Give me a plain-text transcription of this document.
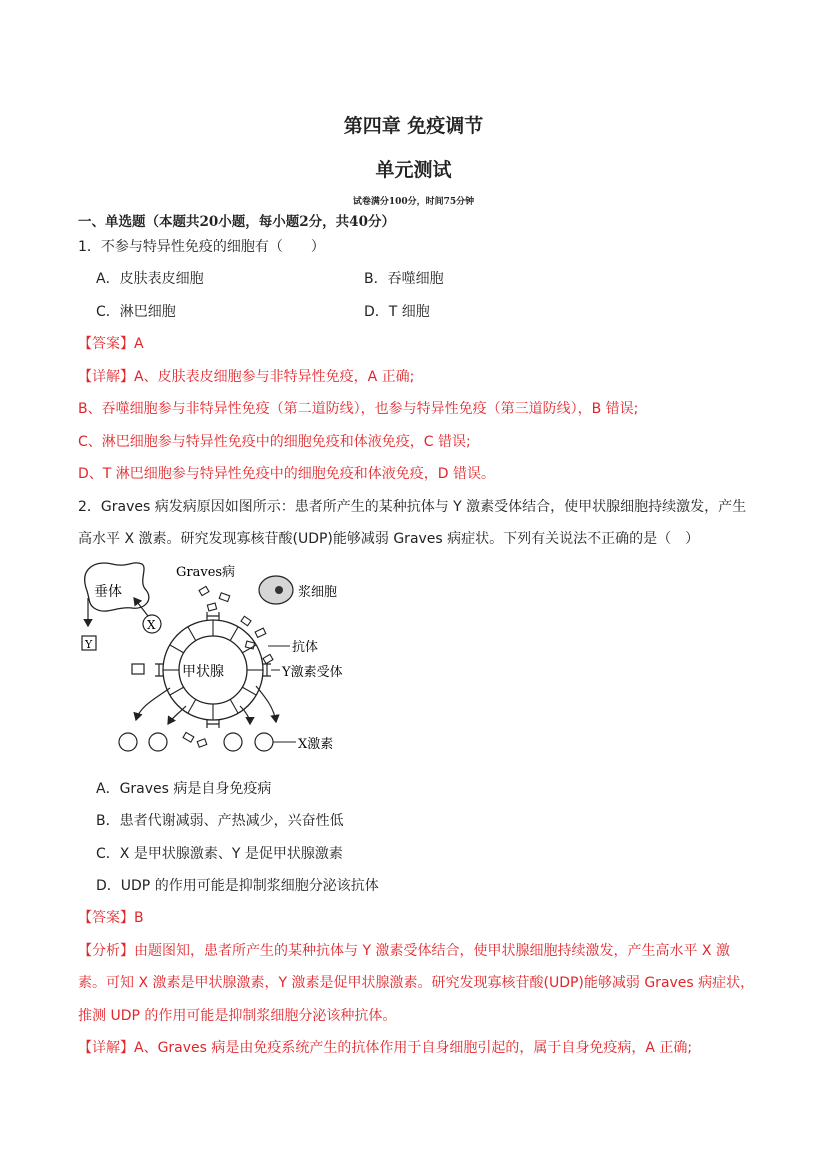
第四章 免疫调节
单元测试
试卷满分100分，时间75分钟
一、单选题（本题共20小题，每小题2分，共40分）
1．不参与特异性免疫的细胞有（　　）
A．皮肤表皮细胞	B．吞噬细胞
C．淋巴细胞	D．T 细胞
【答案】A
【详解】A、皮肤表皮细胞参与非特异性免疫，A 正确;
B、吞噬细胞参与非特异性免疫（第二道防线），也参与特异性免疫（第三道防线），B 错误;
C、淋巴细胞参与特异性免疫中的细胞免疫和体液免疫，C 错误;
D、T 淋巴细胞参与特异性免疫中的细胞免疫和体液免疫，D 错误。
2．Graves 病发病原因如图所示：患者所产生的某种抗体与 Y 激素受体结合，使甲状腺细胞持续激发，产生
高水平 X 激素。研究发现寡核苷酸(UDP)能够减弱 Graves 病症状。下列有关说法不正确的是（　）
垂体
X
Y
Graves病
浆细胞
抗体
甲状腺	Y激素受体
X激素
A．Graves 病是自身免疫病
B．患者代谢减弱、产热减少，兴奋性低
C．X 是甲状腺激素、Y 是促甲状腺激素
D．UDP 的作用可能是抑制浆细胞分泌该抗体
【答案】B
【分析】由题图知，患者所产生的某种抗体与 Y 激素受体结合，使甲状腺细胞持续激发，产生高水平 X 激
素。可知 X 激素是甲状腺激素，Y 激素是促甲状腺激素。研究发现寡核苷酸(UDP)能够减弱 Graves 病症状，
推测 UDP 的作用可能是抑制浆细胞分泌该种抗体。
【详解】A、Graves 病是由免疫系统产生的抗体作用于自身细胞引起的，属于自身免疫病，A 正确;
